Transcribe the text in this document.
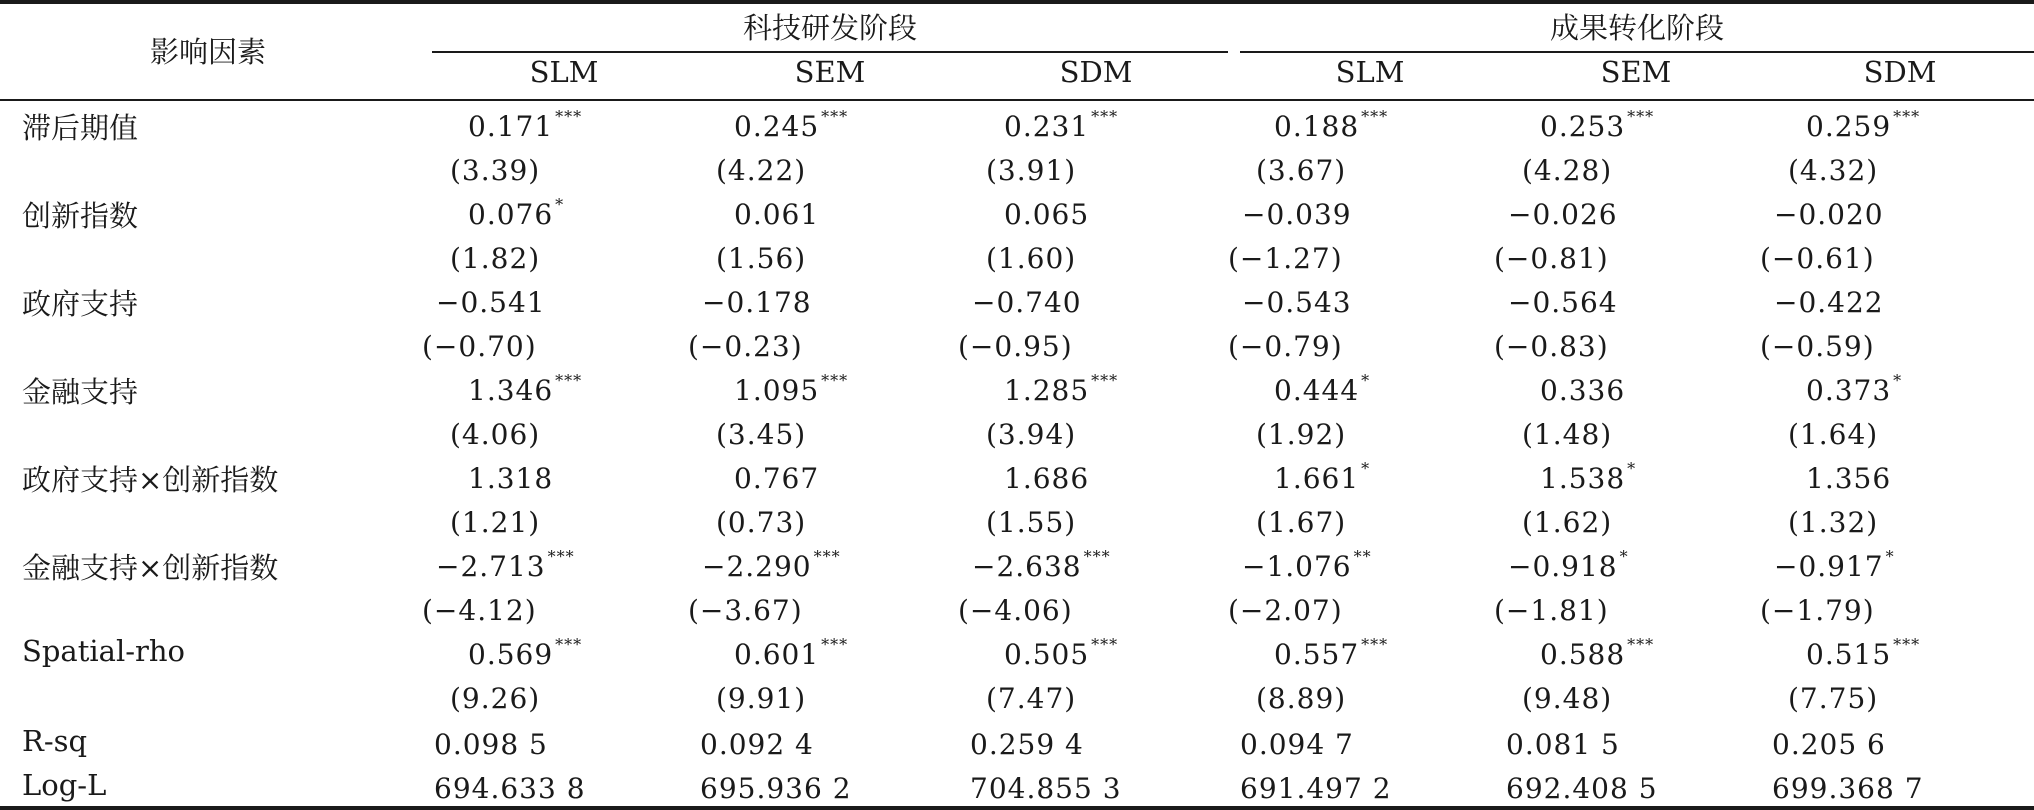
影响因素
科技研发阶段	成果转化阶段
SLM	SEM	SDM	SLM	SEM	SDM
滞后期值	0.171 ***	0.245 ***	0.231 ***	0.188 ***	0.253 ***	0.259 ***
(3.39)	(4.22)	(3.91)	(3.67)	(4.28)	(4.32)
创新指数	0.076 *	0.061	0.065	−0.039	−0.026	−0.020
(1.82)	(1.56)	(1.60)	(−1.27)	(−0.81)	(−0.61)
政府支持	−0.541	−0.178	−0.740	−0.543	−0.564	−0.422
(−0.70)	(−0.23)	(−0.95)	(−0.79)	(−0.83)	(−0.59)
金融支持	1.346 ***	1.095 ***	1.285 ***	0.444 *	0.336	0.373 *
(4.06)	(3.45)	(3.94)	(1.92)	(1.48)	(1.64)
政府支持×创新指数	1.318	0.767	1.686	1.661 *	1.538 *	1.356
(1.21)	(0.73)	(1.55)	(1.67)	(1.62)	(1.32)
金融支持×创新指数	−2.713 ***	−2.290 ***	−2.638 ***	−1.076 **	−0.918 *	−0.917 *
(−4.12)	(−3.67)	(−4.06)	(−2.07)	(−1.81)	(−1.79)
Spatial-rho	0.569 ***	0.601 ***	0.505 ***	0.557 ***	0.588 ***	0.515 ***
(9.26)	(9.91)	(7.47)	(8.89)	(9.48)	(7.75)
R-sq	0.098 5	0.092 4	0.259 4	0.094 7	0.081 5	0.205 6
Log-L	694.633 8	695.936 2	704.855 3	691.497 2	692.408 5	699.368 7
